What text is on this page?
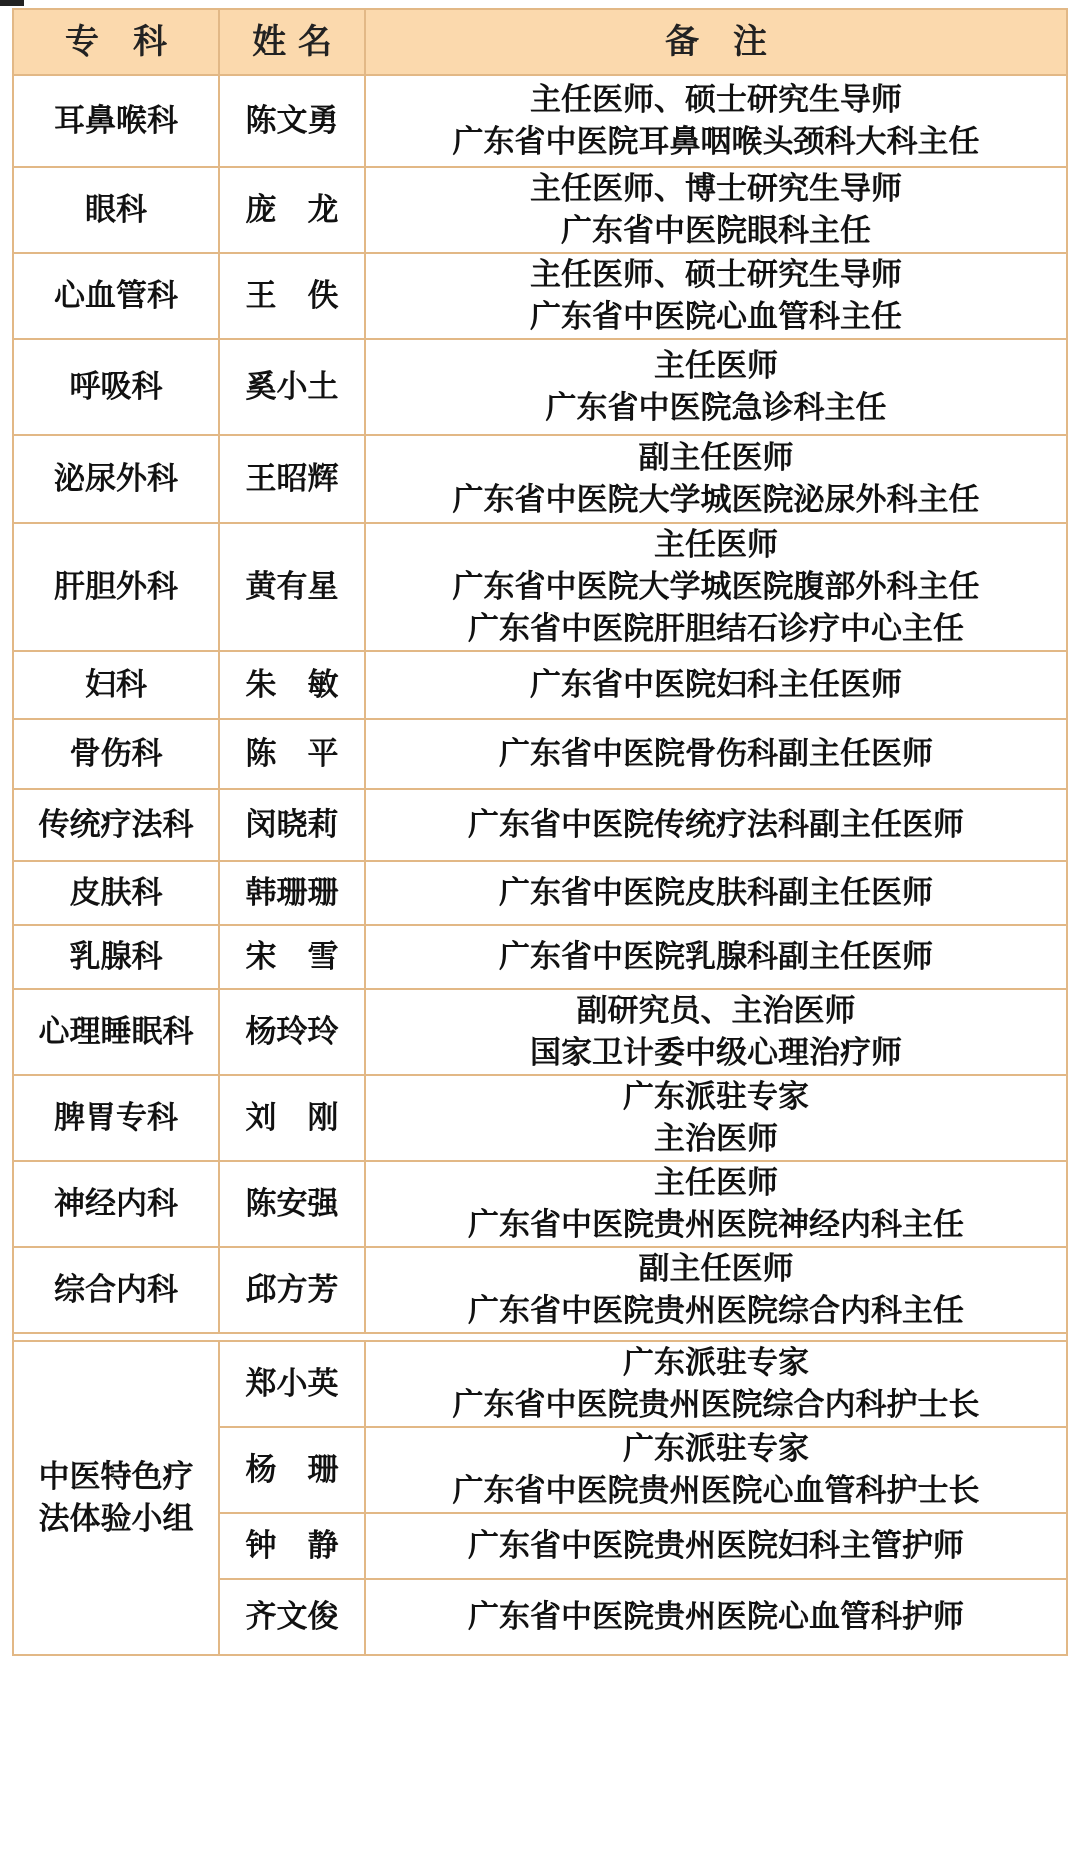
专　科	姓 名	备　注
耳鼻喉科	陈文勇	主任医师、硕士研究生导师
广东省中医院耳鼻咽喉头颈科大科主任

眼科	庞　龙	主任医师、博士研究生导师
广东省中医院眼科主任

心血管科	王　佚	主任医师、硕士研究生导师
广东省中医院心血管科主任

呼吸科	奚小土	主任医师
广东省中医院急诊科主任

泌尿外科	王昭辉	副主任医师
广东省中医院大学城医院泌尿外科主任

肝胆外科	黄有星	主任医师
广东省中医院大学城医院腹部外科主任
广东省中医院肝胆结石诊疗中心主任

妇科	朱　敏	广东省中医院妇科主任医师

骨伤科	陈　平	广东省中医院骨伤科副主任医师

传统疗法科	闵晓莉	广东省中医院传统疗法科副主任医师

皮肤科	韩珊珊	广东省中医院皮肤科副主任医师

乳腺科	宋　雪	广东省中医院乳腺科副主任医师

心理睡眠科	杨玲玲	副研究员、主治医师
国家卫计委中级心理治疗师

脾胃专科	刘　刚	广东派驻专家
主治医师

神经内科	陈安强	主任医师
广东省中医院贵州医院神经内科主任

综合内科	邱方芳	副主任医师
广东省中医院贵州医院综合内科主任

中医特色疗
法体验小组	郑小英	广东派驻专家
广东省中医院贵州医院综合内科护士长

	杨　珊	广东派驻专家
广东省中医院贵州医院心血管科护士长

	钟　静	广东省中医院贵州医院妇科主管护师

	齐文俊	广东省中医院贵州医院心血管科护师
